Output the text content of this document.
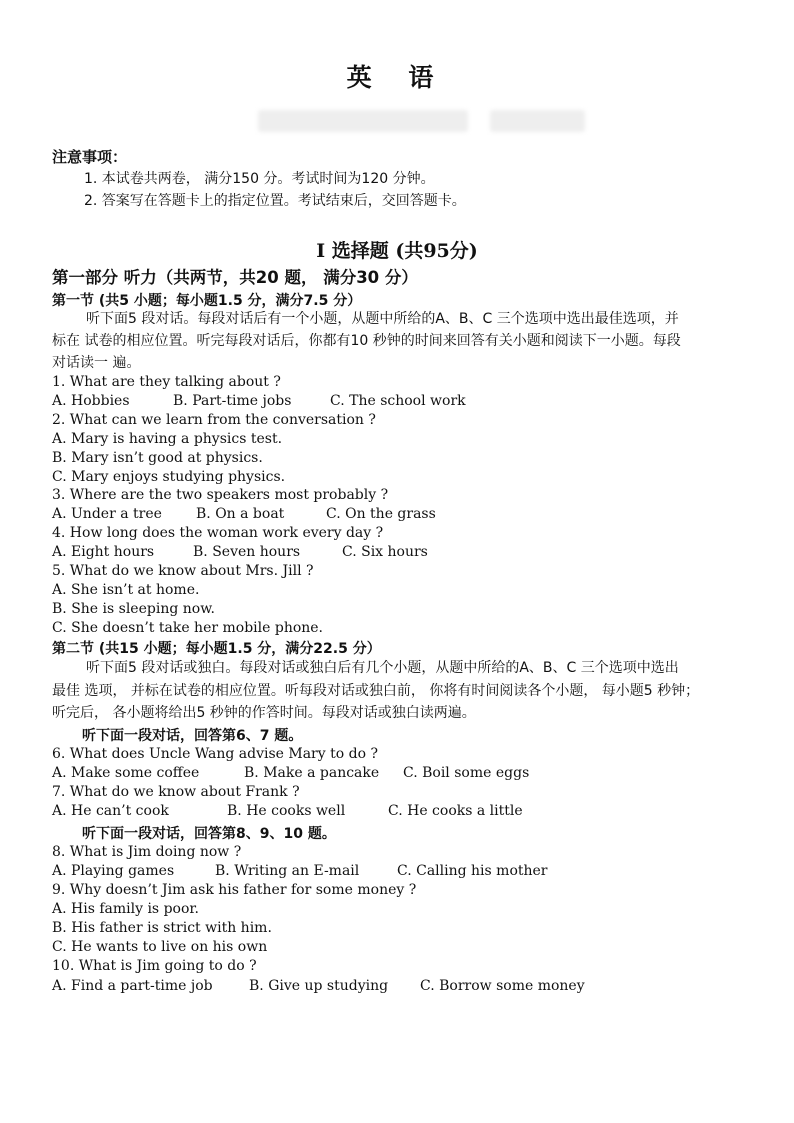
英 语
注意事项：
1. 本试卷共两卷， 满分150 分。考试时间为120 分钟。
2. 答案写在答题卡上的指定位置。考试结束后，交回答题卡。
I 选择题 (共95分)
第一部分 听力（共两节，共20 题， 满分30 分）
第一节 (共5 小题；每小题1.5 分，满分7.5 分）
听下面5 段对话。每段对话后有一个小题，从题中所给的A、B、C 三个选项中选出最佳选项，并
标在 试卷的相应位置。听完每段对话后，你都有10 秒钟的时间来回答有关小题和阅读下一小题。每段
对话读一 遍。
1. What are they talking about ?
A. Hobbies	B. Part-time jobs	C. The school work
2. What can we learn from the conversation ?
A. Mary is having a physics test.
B. Mary isn’t good at physics.
C. Mary enjoys studying physics.
3. Where are the two speakers most probably ?
A. Under a tree B. On a boat	C. On the grass
4. How long does the woman work every day ?
A. Eight hours	B. Seven hours	C. Six hours
5. What do we know about Mrs. Jill ?
A. She isn’t at home.
B. She is sleeping now.
C. She doesn’t take her mobile phone.
第二节 (共15 小题；每小题1.5 分，满分22.5 分）
听下面5 段对话或独白。每段对话或独白后有几个小题，从题中所给的A、B、C 三个选项中选出
最佳 选项， 并标在试卷的相应位置。听每段对话或独白前， 你将有时间阅读各个小题， 每小题5 秒钟；
听完后， 各小题将给出5 秒钟的作答时间。每段对话或独白读两遍。
听下面一段对话，回答第6、7 题。
6. What does Uncle Wang advise Mary to do ?
A. Make some coffee	B. Make a pancake C. Boil some eggs
7. What do we know about Frank ?
A. He can’t cook	B. He cooks well	C. He cooks a little
听下面一段对话，回答第8、9、10 题。
8. What is Jim doing now ?
A. Playing games	B. Writing an E-mail	C. Calling his mother
9. Why doesn’t Jim ask his father for some money ?
A. His family is poor.
B. His father is strict with him.
C. He wants to live on his own
10. What is Jim going to do ?
A. Find a part-time job	B. Give up studying C. Borrow some money
